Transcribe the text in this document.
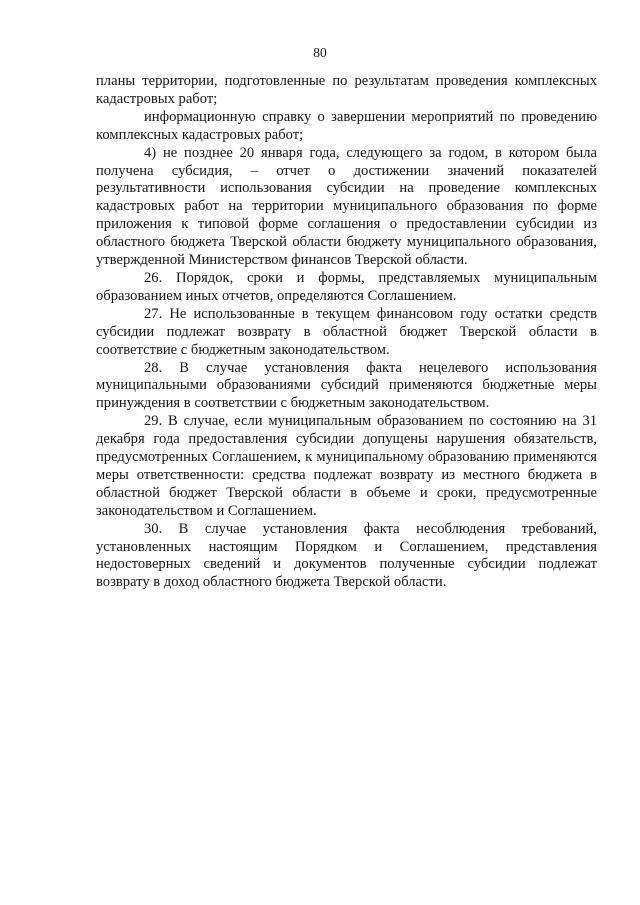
80

планы территории, подготовленные по результатам проведения комплексных кадастровых работ;

информационную справку о завершении мероприятий по проведению комплексных кадастровых работ;

4) не позднее 20 января года, следующего за годом, в котором была получена субсидия, – отчет о достижении значений показателей результативности использования субсидии на проведение комплексных кадастровых работ на территории муниципального образования по форме приложения к типовой форме соглашения о предоставлении субсидии из областного бюджета Тверской области бюджету муниципального образования, утвержденной Министерством финансов Тверской области.

26. Порядок, сроки и формы, представляемых муниципальным образованием иных отчетов, определяются Соглашением.

27. Не использованные в текущем финансовом году остатки средств субсидии подлежат возврату в областной бюджет Тверской области в соответствие с бюджетным законодательством.

28. В случае установления факта нецелевого использования муниципальными образованиями субсидий применяются бюджетные меры принуждения в соответствии с бюджетным законодательством.

29. В случае, если муниципальным образованием по состоянию на 31 декабря года предоставления субсидии допущены нарушения обязательств, предусмотренных Соглашением, к муниципальному образованию применяются меры ответственности: средства подлежат возврату из местного бюджета в областной бюджет Тверской области в объеме и сроки, предусмотренные законодательством и Соглашением.

30. В случае установления факта несоблюдения требований, установленных настоящим Порядком и Соглашением, представления недостоверных сведений и документов полученные субсидии подлежат возврату в доход областного бюджета Тверской области.
